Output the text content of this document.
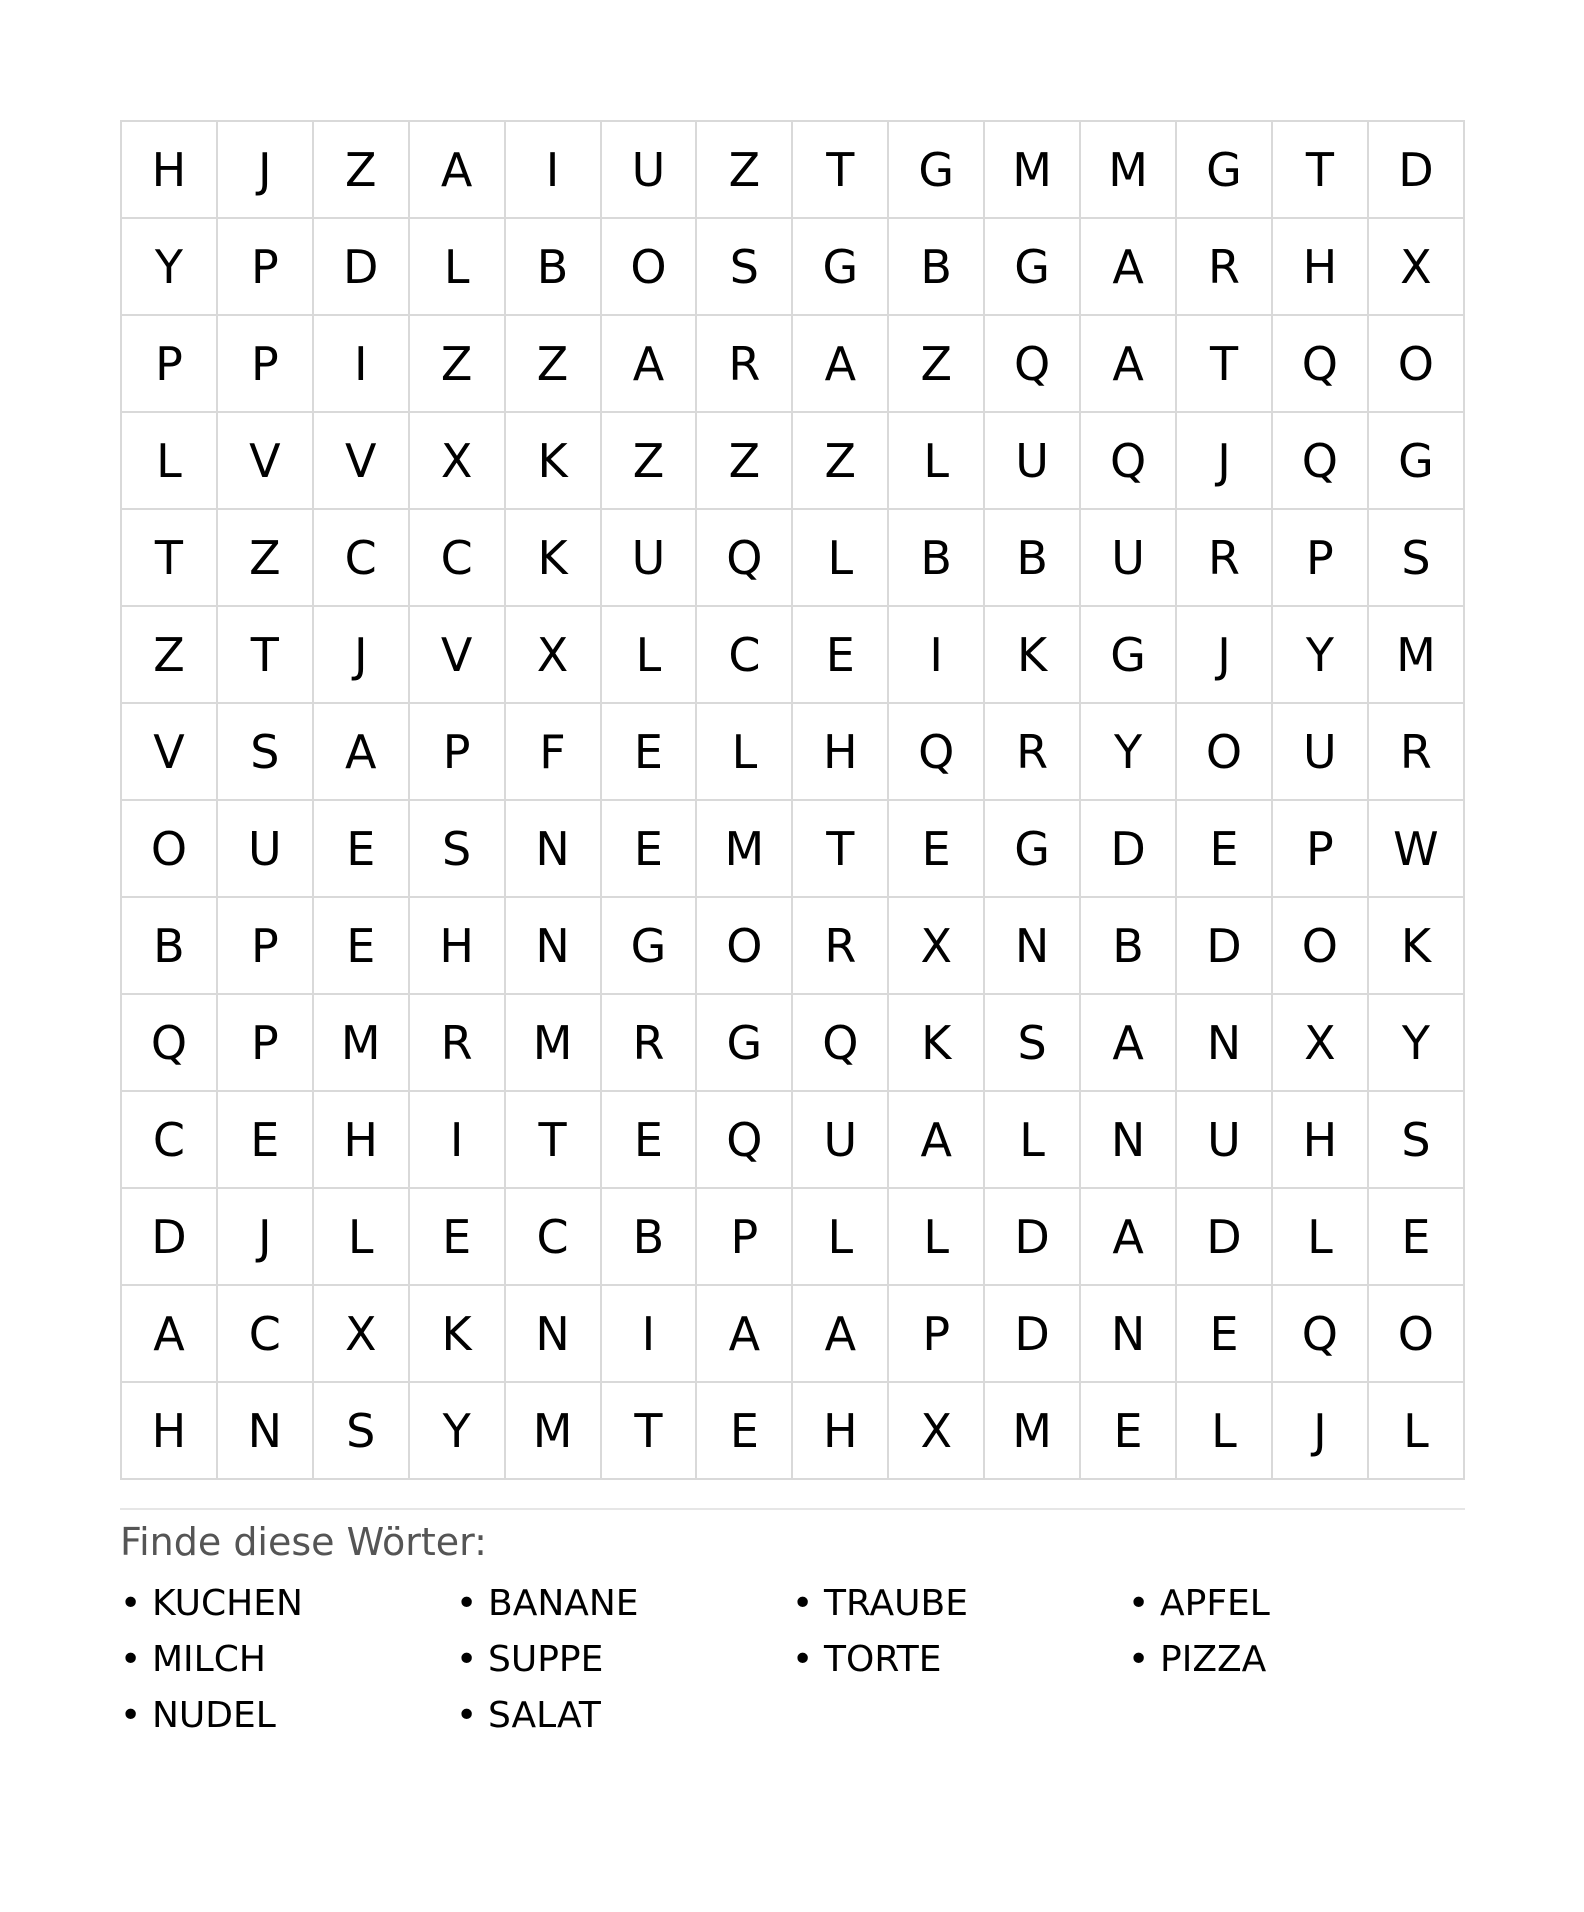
H	J	Z	A	I	U	Z	T	G	M	M	G	T	D
Y	P	D	L	B	O	S	G	B	G	A	R	H	X
P	P	I	Z	Z	A	R	A	Z	Q	A	T	Q	O
L	V	V	X	K	Z	Z	Z	L	U	Q	J	Q	G
T	Z	C	C	K	U	Q	L	B	B	U	R	P	S
Z	T	J	V	X	L	C	E	I	K	G	J	Y	M
V	S	A	P	F	E	L	H	Q	R	Y	O	U	R
O	U	E	S	N	E	M	T	E	G	D	E	P	W
B	P	E	H	N	G	O	R	X	N	B	D	O	K
Q	P	M	R	M	R	G	Q	K	S	A	N	X	Y
C	E	H	I	T	E	Q	U	A	L	N	U	H	S
D	J	L	E	C	B	P	L	L	D	A	D	L	E
A	C	X	K	N	I	A	A	P	D	N	E	Q	O
H	N	S	Y	M	T	E	H	X	M	E	L	J	L
Finde diese Wörter:
• KUCHEN	• BANANE	• TRAUBE	• APFEL
• MILCH	• SUPPE	• TORTE	• PIZZA
• NUDEL	• SALAT
